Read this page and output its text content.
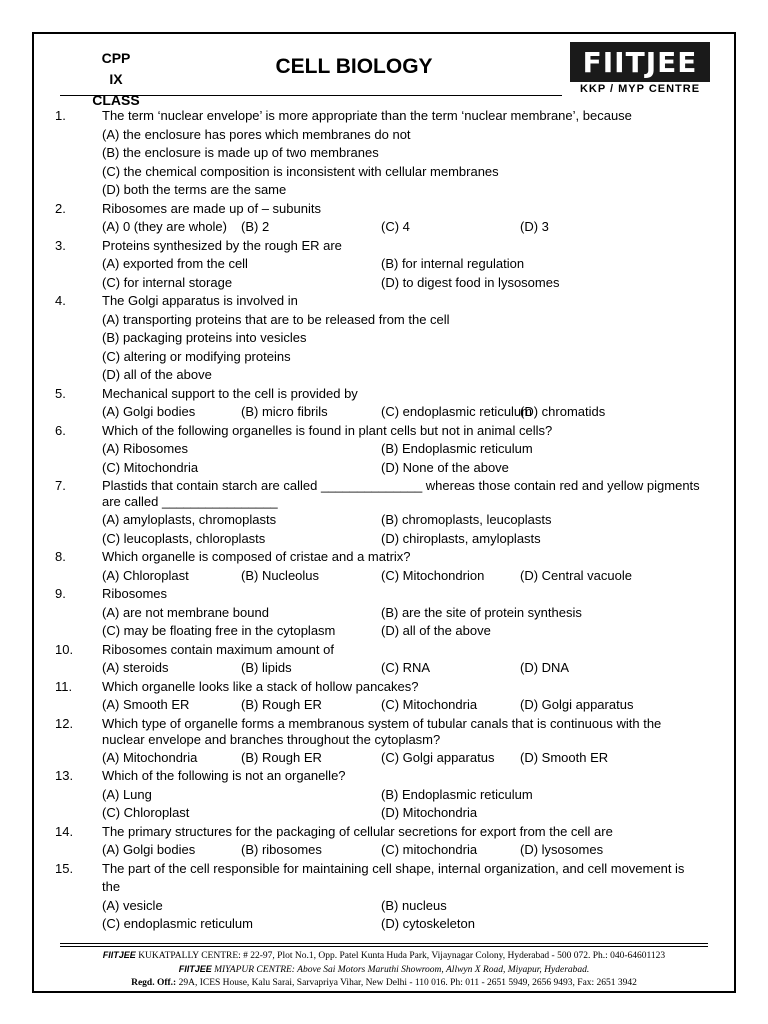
CPP
IX CLASS
CELL BIOLOGY	FIITJEE
KKP / MYP CENTRE
1.	The term ‘nuclear envelope’ is more appropriate than the term ‘nuclear membrane’, because
(A) the enclosure has pores which membranes do not
(B) the enclosure is made up of two membranes
(C) the chemical composition is inconsistent with cellular membranes
(D) both the terms are the same
2.	Ribosomes are made up of – subunits
(A) 0 (they are whole) (B) 2	(C) 4	(D) 3
3.	Proteins synthesized by the rough ER are
(A) exported from the cell	(B) for internal regulation
(C) for internal storage	(D) to digest food in lysosomes
4.	The Golgi apparatus is involved in
(A) transporting proteins that are to be released from the cell
(B) packaging proteins into vesicles
(C) altering or modifying proteins
(D) all of the above
5.	Mechanical support to the cell is provided by
(A) Golgi bodies	(B) micro fibrils	(C) endoplasmic reticulum
(D) chromatids
6.	Which of the following organelles is found in plant cells but not in animal cells?
(A) Ribosomes	(B) Endoplasmic reticulum
(C) Mitochondria	(D) None of the above
7.	Plastids that contain starch are called ______________ whereas those contain red and yellow pigments are called ________________
(A) amyloplasts, chromoplasts	(B) chromoplasts, leucoplasts
(C) leucoplasts, chloroplasts	(D) chiroplasts, amyloplasts
8.	Which organelle is composed of cristae and a matrix?
(A) Chloroplast	(B) Nucleolus	(C) Mitochondrion	(D) Central vacuole
9.	Ribosomes
(A) are not membrane bound	(B) are the site of protein synthesis
(C) may be floating free in the cytoplasm	(D) all of the above
10. Ribosomes contain maximum amount of
(A) steroids	(B) lipids	(C) RNA	(D) DNA
11. Which organelle looks like a stack of hollow pancakes?
(A) Smooth ER	(B) Rough ER	(C) Mitochondria	(D) Golgi apparatus
12. Which type of organelle forms a membranous system of tubular canals that is continuous with the nuclear envelope and branches throughout the cytoplasm?
(A) Mitochondria	(B) Rough ER	(C) Golgi apparatus (D) Smooth ER
13. Which of the following is not an organelle?
(A) Lung	(B) Endoplasmic reticulum
(C) Chloroplast	(D) Mitochondria
14. The primary structures for the packaging of cellular secretions for export from the cell are
(A) Golgi bodies	(B) ribosomes	(C) mitochondria	(D) lysosomes
15. The part of the cell responsible for maintaining cell shape, internal organization, and cell movement is the
(A) vesicle	(B) nucleus
(C) endoplasmic reticulum	(D) cytoskeleton
FIITJEE KUKATPALLY CENTRE: # 22-97, Plot No.1, Opp. Patel Kunta Huda Park, Vijaynagar Colony, Hyderabad - 500 072. Ph.: 040-64601123
FIITJEE MIYAPUR CENTRE: Above Sai Motors Maruthi Showroom, Allwyn X Road, Miyapur, Hyderabad.
Regd. Off.: 29A, ICES House, Kalu Sarai, Sarvapriya Vihar, New Delhi - 110 016. Ph: 011 - 2651 5949, 2656 9493, Fax: 2651 3942
